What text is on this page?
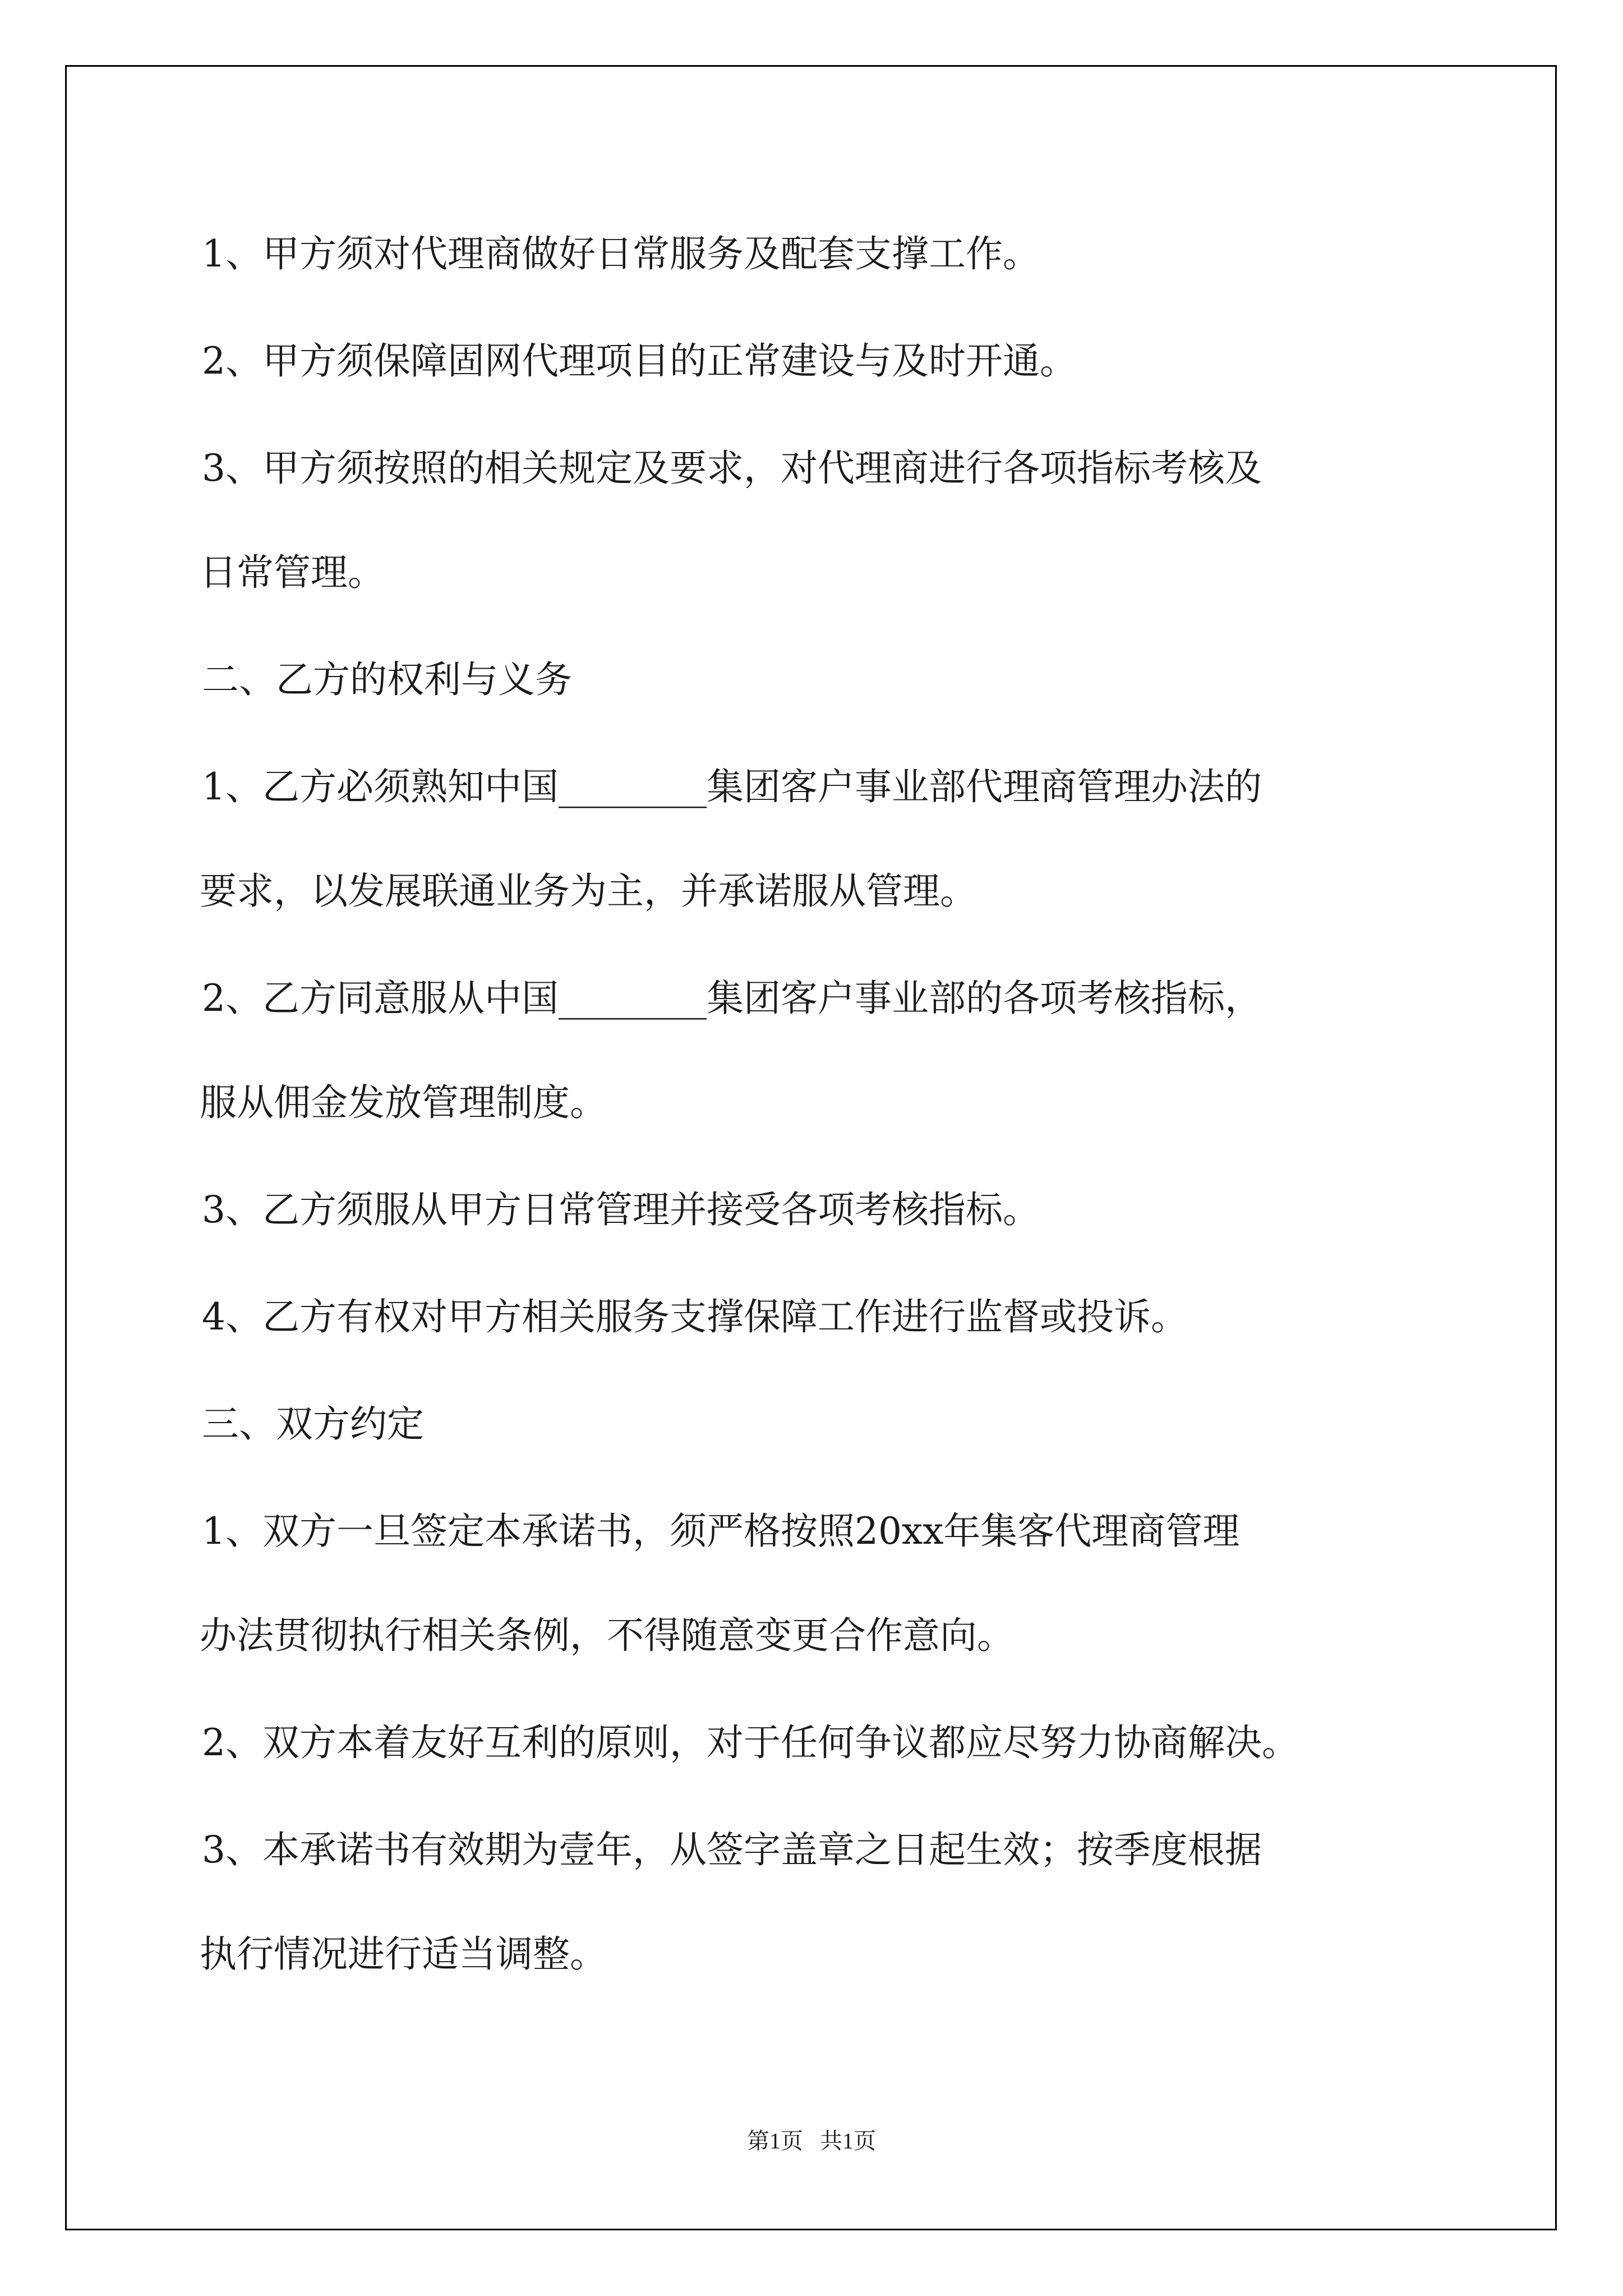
1、甲方须对代理商做好日常服务及配套支撑工作。

2、甲方须保障固网代理项目的正常建设与及时开通。

3、甲方须按照的相关规定及要求，对代理商进行各项指标考核及

日常管理。

二、乙方的权利与义务

1、乙方必须熟知中国________集团客户事业部代理商管理办法的

要求，以发展联通业务为主，并承诺服从管理。

2、乙方同意服从中国________集团客户事业部的各项考核指标，

服从佣金发放管理制度。

3、乙方须服从甲方日常管理并接受各项考核指标。

4、乙方有权对甲方相关服务支撑保障工作进行监督或投诉。

三、双方约定

1、双方一旦签定本承诺书，须严格按照20xx年集客代理商管理

办法贯彻执行相关条例，不得随意变更合作意向。

2、双方本着友好互利的原则，对于任何争议都应尽努力协商解决。

3、本承诺书有效期为壹年，从签字盖章之日起生效；按季度根据

执行情况进行适当调整。

第1页   共1页
